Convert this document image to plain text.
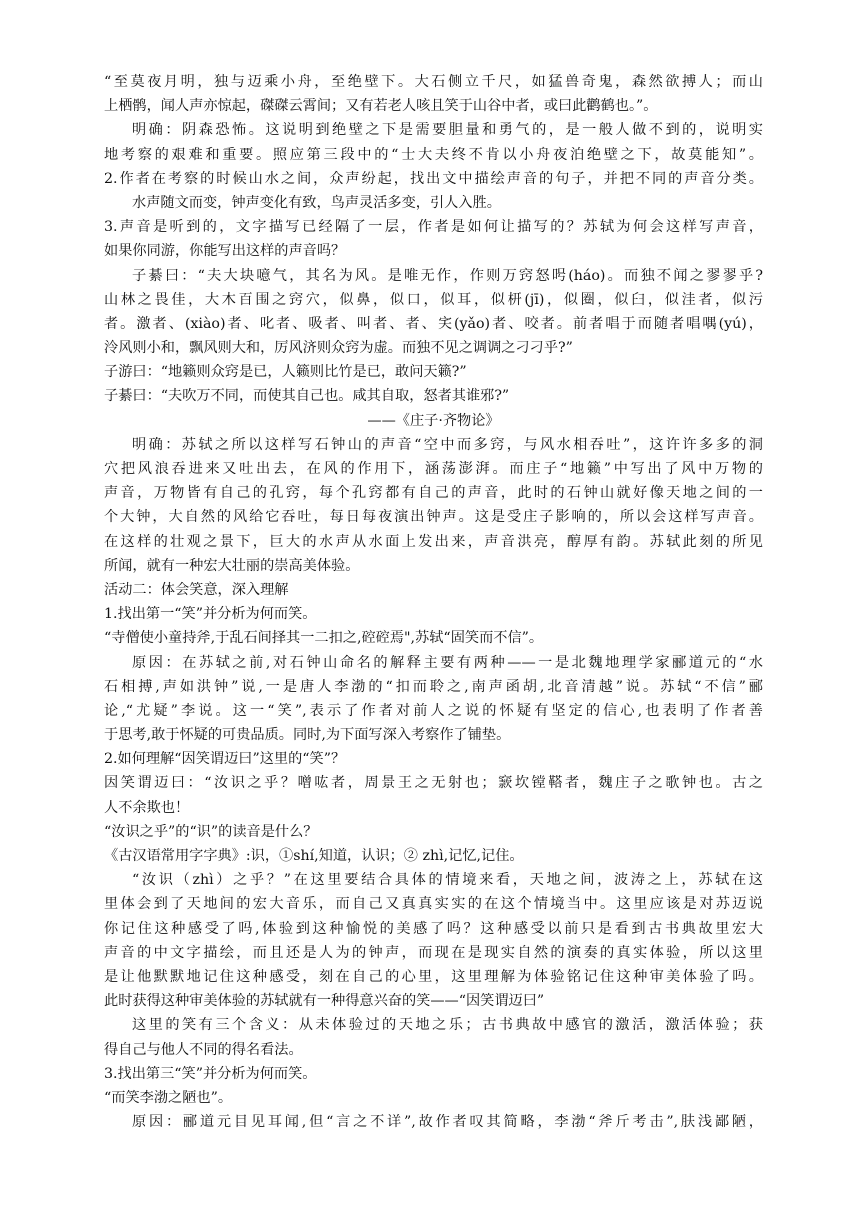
“至莫夜月明，独与迈乘小舟，至绝壁下。大石侧立千尺，如猛兽奇鬼，森然欲搏人；而山
上栖鹘，闻人声亦惊起，磔磔云霄间；又有若老人咳且笑于山谷中者，或曰此鹳鹤也。”。
明确：阴森恐怖。这说明到绝壁之下是需要胆量和勇气的，是一般人做不到的，说明实
地考察的艰难和重要。照应第三段中的“士大夫终不肯以小舟夜泊绝壁之下，故莫能知”。
2.作者在考察的时候山水之间，众声纷起，找出文中描绘声音的句子，并把不同的声音分类。
水声随文而变，钟声变化有致，鸟声灵活多变，引人入胜。
3.声音是听到的，文字描写已经隔了一层，作者是如何让描写的？苏轼为何会这样写声音，
如果你同游，你能写出这样的声音吗？
子綦曰：“夫大块噫气，其名为风。是唯无作，作则万窍怒呺(háo)。而独不闻之翏翏乎?
山林之畏佳，大木百围之窍穴，似鼻，似口，似耳，似枅(jī)，似圈，似臼，似洼者，似污
者。激者、(xiào)者、叱者、吸者、叫者、者、宎(yǎo)者、咬者。前者唱于而随者唱喁(yú)，
泠风则小和，飘风则大和，厉风济则众窍为虚。而独不见之调调之刁刁乎?”
子游曰：“地籁则众窍是已，人籁则比竹是已，敢问天籁?”
子綦曰：“夫吹万不同，而使其自己也。咸其自取，怒者其谁邪?”
——《庄子·齐物论》
明确：苏轼之所以这样写石钟山的声音“空中而多窍，与风水相吞吐”，这许许多多的洞
穴把风浪吞进来又吐出去，在风的作用下，涵荡澎湃。而庄子“地籁”中写出了风中万物的
声音，万物皆有自己的孔窍，每个孔窍都有自己的声音，此时的石钟山就好像天地之间的一
个大钟，大自然的风给它吞吐，每日每夜演出钟声。这是受庄子影响的，所以会这样写声音。
在这样的壮观之景下，巨大的水声从水面上发出来，声音洪亮，醇厚有韵。苏轼此刻的所见
所闻，就有一种宏大壮丽的崇高美体验。
活动二：体会笑意，深入理解
1.找出第一“笑”并分析为何而笑。
“寺僧使小童持斧,于乱石间择其一二扣之,硿硿焉",苏轼“固笑而不信”。
原因：在苏轼之前,对石钟山命名的解释主要有两种——一是北魏地理学家郦道元的“水
石相搏,声如洪钟”说,一是唐人李渤的“扣而聆之,南声函胡,北音清越”说。苏轼“不信”郦
论,“尤疑”李说。这一“笑”,表示了作者对前人之说的怀疑有坚定的信心,也表明了作者善
于思考,敢于怀疑的可贵品质。同时,为下面写深入考察作了铺垫。
2.如何理解“因笑谓迈曰”这里的“笑”？
因笑谓迈曰：“汝识之乎？噌吰者，周景王之无射也；窾坎镗鞳者，魏庄子之歌钟也。古之
人不余欺也！
“汝识之乎”的“识”的读音是什么？
《古汉语常用字字典》:识，①shí,知道，认识；② zhì,记忆,记住。
“汝识（zhì）之乎？”在这里要结合具体的情境来看，天地之间，波涛之上，苏轼在这
里体会到了天地间的宏大音乐，而自己又真真实实的在这个情境当中。这里应该是对苏迈说
你记住这种感受了吗,体验到这种愉悦的美感了吗？这种感受以前只是看到古书典故里宏大
声音的中文字描绘，而且还是人为的钟声，而现在是现实自然的演奏的真实体验，所以这里
是让他默默地记住这种感受，刻在自己的心里，这里理解为体验铭记住这种审美体验了吗。
此时获得这种审美体验的苏轼就有一种得意兴奋的笑——“因笑谓迈曰”
这里的笑有三个含义：从未体验过的天地之乐；古书典故中感官的激活，激活体验；获
得自己与他人不同的得名看法。
3.找出第三“笑”并分析为何而笑。
“而笑李渤之陋也”。
原因：郦道元目见耳闻,但“言之不详”,故作者叹其简略，李渤“斧斤考击”,肤浅鄙陋，
